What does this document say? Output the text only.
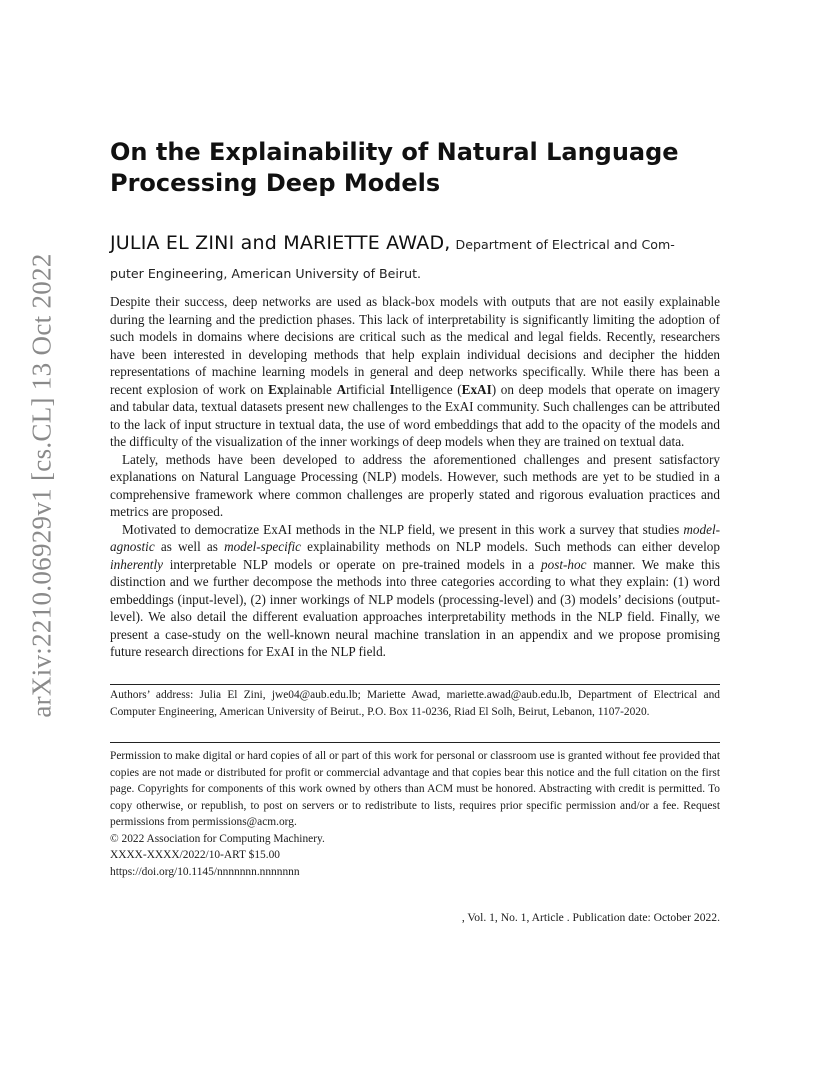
arXiv:2210.06929v1 [cs.CL] 13 Oct 2022
On the Explainability of Natural Language
Processing Deep Models
JULIA EL ZINI and MARIETTE AWAD, Department of Electrical and Com-
puter Engineering, American University of Beirut.

Despite their success, deep networks are used as black-box models with outputs that are not easily explainable during the learning and the prediction phases. This lack of interpretability is significantly limiting the adoption of such models in domains where decisions are critical such as the medical and legal fields. Recently, researchers have been interested in developing methods that help explain individual decisions and decipher the hidden representations of machine learning models in general and deep networks specifically. While there has been a recent explosion of work on Explainable Artificial Intelligence (ExAI) on deep models that operate on imagery and tabular data, textual datasets present new challenges to the ExAI community. Such challenges can be attributed to the lack of input structure in textual data, the use of word embeddings that add to the opacity of the models and the difficulty of the visualization of the inner workings of deep models when they are trained on textual data.

Lately, methods have been developed to address the aforementioned challenges and present satisfactory explanations on Natural Language Processing (NLP) models. However, such methods are yet to be studied in a comprehensive framework where common challenges are properly stated and rigorous evaluation practices and metrics are proposed.

Motivated to democratize ExAI methods in the NLP field, we present in this work a survey that studies model-agnostic as well as model-specific explainability methods on NLP models. Such methods can either develop inherently interpretable NLP models or operate on pre-trained models in a post-hoc manner. We make this distinction and we further decompose the methods into three categories according to what they explain: (1) word embeddings (input-level), (2) inner workings of NLP models (processing-level) and (3) models’ decisions (output-level). We also detail the different evaluation approaches interpretability methods in the NLP field. Finally, we present a case-study on the well-known neural machine translation in an appendix and we propose promising future research directions for ExAI in the NLP field.

Authors’ address: Julia El Zini, jwe04@aub.edu.lb; Mariette Awad, mariette.awad@aub.edu.lb, Department of Electrical and Computer Engineering, American University of Beirut., P.O. Box 11-0236, Riad El Solh, Beirut, Lebanon, 1107-2020.

Permission to make digital or hard copies of all or part of this work for personal or classroom use is granted without fee provided that copies are not made or distributed for profit or commercial advantage and that copies bear this notice and the full citation on the first page. Copyrights for components of this work owned by others than ACM must be honored. Abstracting with credit is permitted. To copy otherwise, or republish, to post on servers or to redistribute to lists, requires prior specific permission and/or a fee. Request permissions from permissions@acm.org.

© 2022 Association for Computing Machinery.

XXXX-XXXX/2022/10-ART $15.00

https://doi.org/10.1145/nnnnnnn.nnnnnnn

, Vol. 1, No. 1, Article . Publication date: October 2022.
